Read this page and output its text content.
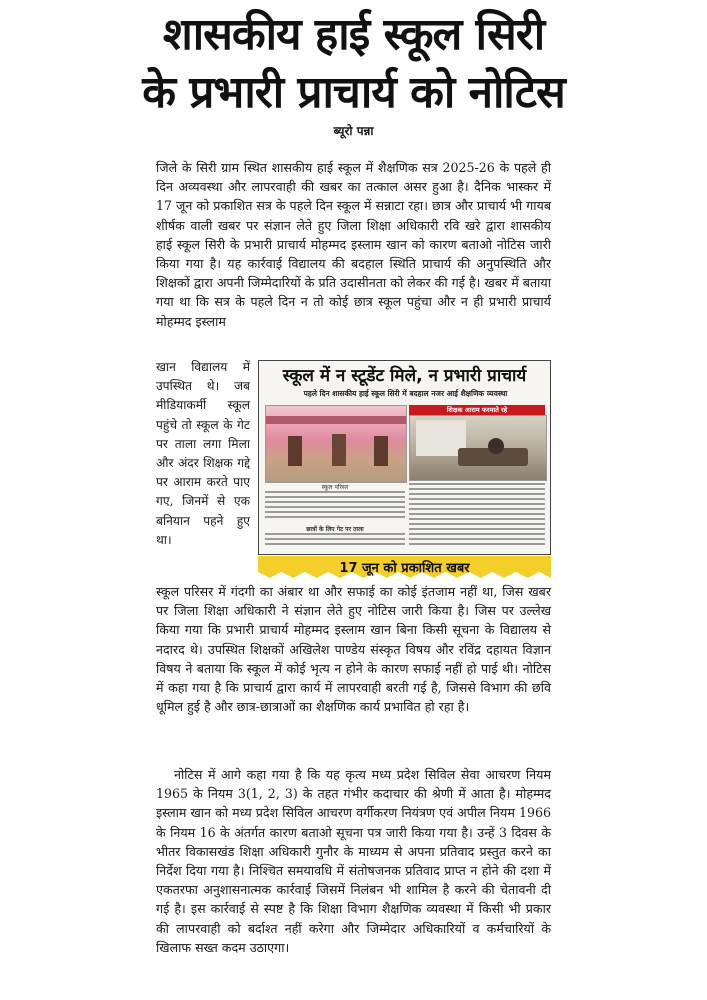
शासकीय हाई स्कूल सिरी
के प्रभारी प्राचार्य को नोटिस
ब्यूरो पन्ना
जिले के सिरी ग्राम स्थित शासकीय हाई स्कूल में शैक्षणिक सत्र 2025-26 के पहले ही दिन अव्यवस्था और लापरवाही की खबर का तत्काल असर हुआ है। दैनिक भास्कर में 17 जून को प्रकाशित सत्र के पहले दिन स्कूल में सन्नाटा रहा। छात्र और प्राचार्य भी गायब शीर्षक वाली खबर पर संज्ञान लेते हुए जिला शिक्षा अधिकारी रवि खरे द्वारा शासकीय हाई स्कूल सिरी के प्रभारी प्राचार्य मोहम्मद इस्लाम खान को कारण बताओ नोटिस जारी किया गया है। यह कार्रवाई विद्यालय की बदहाल स्थिति प्राचार्य की अनुपस्थिति और शिक्षकों द्वारा अपनी जिम्मेदारियों के प्रति उदासीनता को लेकर की गई है। खबर में बताया गया था कि सत्र के पहले दिन न तो कोई छात्र स्कूल पहुंचा और न ही प्रभारी प्राचार्य मोहम्मद इस्लाम
खान विद्यालय में उपस्थित थे। जब मीडियाकर्मी स्कूल पहुंचे तो स्कूल के गेट पर ताला लगा मिला और अंदर शिक्षक गद्दे पर आराम करते पाए गए, जिनमें से एक बनियान पहने हुए था।
स्कूल में न स्टूडेंट मिले, न प्रभारी प्राचार्य
पहले दिन शासकीय हाई स्कूल सिरी में बदहाल नजर आई शैक्षणिक व्यवस्था
शिक्षक आराम फरमाते रहे
स्कूल परिसर
छात्रों के लिए गेट पर ताला
17 जून को प्रकाशित खबर
स्कूल परिसर में गंदगी का अंबार था और सफाई का कोई इंतजाम नहीं था, जिस खबर पर जिला शिक्षा अधिकारी ने संज्ञान लेते हुए नोटिस जारी किया है। जिस पर उल्लेख किया गया कि प्रभारी प्राचार्य मोहम्मद इस्लाम खान बिना किसी सूचना के विद्यालय से नदारद थे। उपस्थित शिक्षकों अखिलेश पाण्डेय संस्कृत विषय और रविंद्र दहायत विज्ञान विषय ने बताया कि स्कूल में कोई भृत्य न होने के कारण सफाई नहीं हो पाई थी। नोटिस में कहा गया है कि प्राचार्य द्वारा कार्य में लापरवाही बरती गई है, जिससे विभाग की छवि धूमिल हुई है और छात्र-छात्राओं का शैक्षणिक कार्य प्रभावित हो रहा है।
नोटिस में आगे कहा गया है कि यह कृत्य मध्य प्रदेश सिविल सेवा आचरण नियम 1965 के नियम 3(1, 2, 3) के तहत गंभीर कदाचार की श्रेणी में आता है। मोहम्मद इस्लाम खान को मध्य प्रदेश सिविल आचरण वर्गीकरण नियंत्रण एवं अपील नियम 1966 के नियम 16 के अंतर्गत कारण बताओ सूचना पत्र जारी किया गया है। उन्हें 3 दिवस के भीतर विकासखंड शिक्षा अधिकारी गुनौर के माध्यम से अपना प्रतिवाद प्रस्तुत करने का निर्देश दिया गया है। निश्चित समयावधि में संतोषजनक प्रतिवाद प्राप्त न होने की दशा में एकतरफा अनुशासनात्मक कार्रवाई जिसमें निलंबन भी शामिल है करने की चेतावनी दी गई है। इस कार्रवाई से स्पष्ट है कि शिक्षा विभाग शैक्षणिक व्यवस्था में किसी भी प्रकार की लापरवाही को बर्दाश्त नहीं करेगा और जिम्मेदार अधिकारियों व कर्मचारियों के खिलाफ सख्त कदम उठाएगा।
